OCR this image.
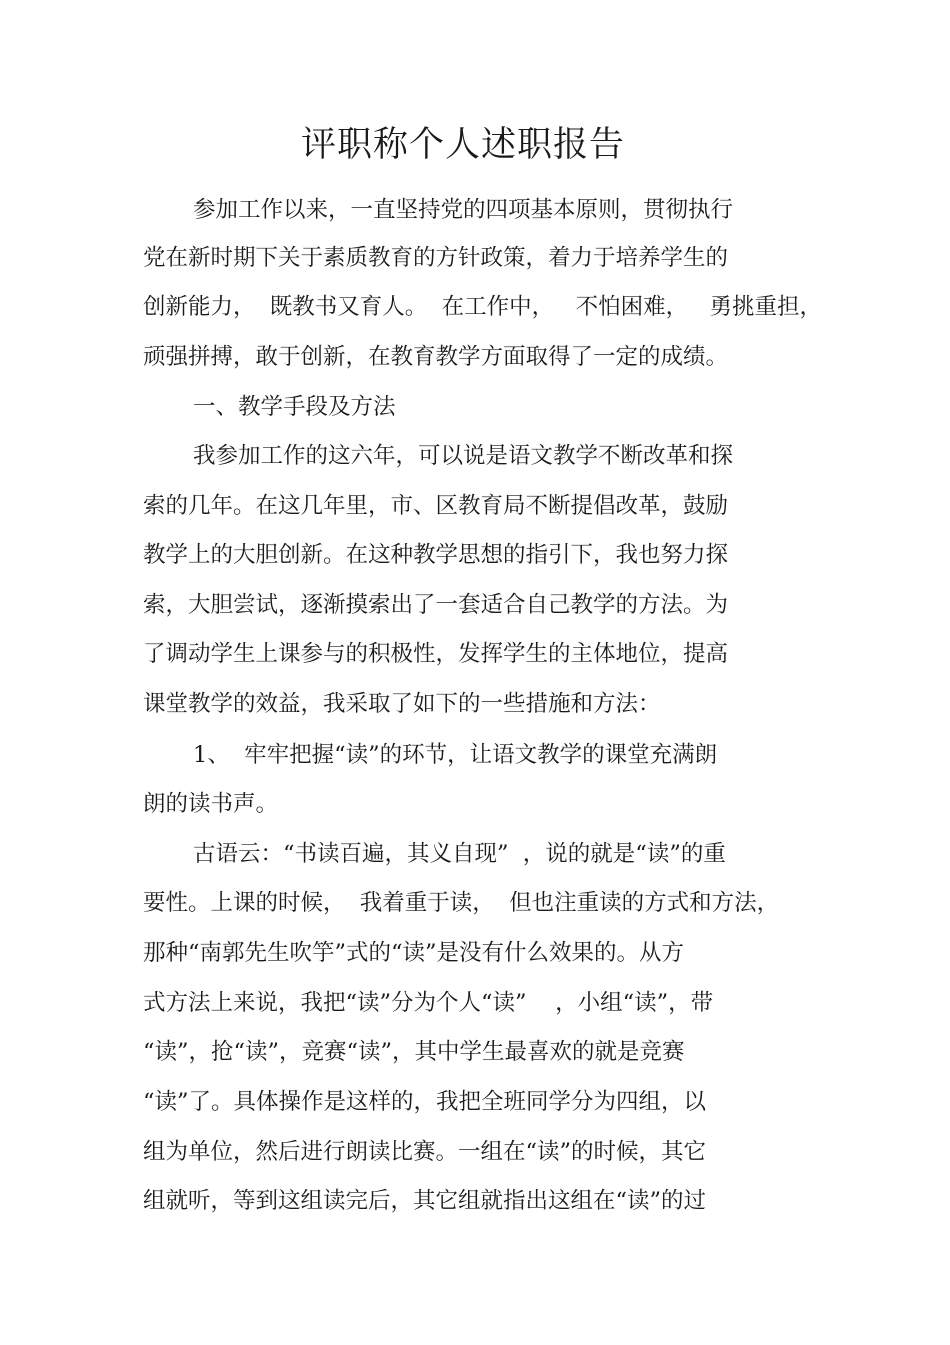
评职称个人述职报告
参加工作以来，一直坚持党的四项基本原则，贯彻执行
党在新时期下关于素质教育的方针政策，着力于培养学生的
创新能力，  既教书又育人。  在工作中，   不怕困难，   勇挑重担，
顽强拼搏，敢于创新，在教育教学方面取得了一定的成绩。
一、教学手段及方法
我参加工作的这六年，可以说是语文教学不断改革和探
索的几年。在这几年里，市、区教育局不断提倡改革，鼓励
教学上的大胆创新。在这种教学思想的指引下，我也努力探
索，大胆尝试，逐渐摸索出了一套适合自己教学的方法。为
了调动学生上课参与的积极性，发挥学生的主体地位，提高
课堂教学的效益，我采取了如下的一些措施和方法：
1、  牢牢把握“读”的环节，让语文教学的课堂充满朗
朗的读书声。
古语云：“书读百遍，其义自现”  ，说的就是“读”的重
要性。上课的时候，  我着重于读，  但也注重读的方式和方法，
那种“南郭先生吹竽”式的“读”是没有什么效果的。从方
式方法上来说，我把“读”分为个人“读”    ，小组“读”，带
“读”，抢“读”，竞赛“读”，其中学生最喜欢的就是竞赛
“读”了。具体操作是这样的，我把全班同学分为四组，以
组为单位，然后进行朗读比赛。一组在“读”的时候，其它
组就听，等到这组读完后，其它组就指出这组在“读”的过
